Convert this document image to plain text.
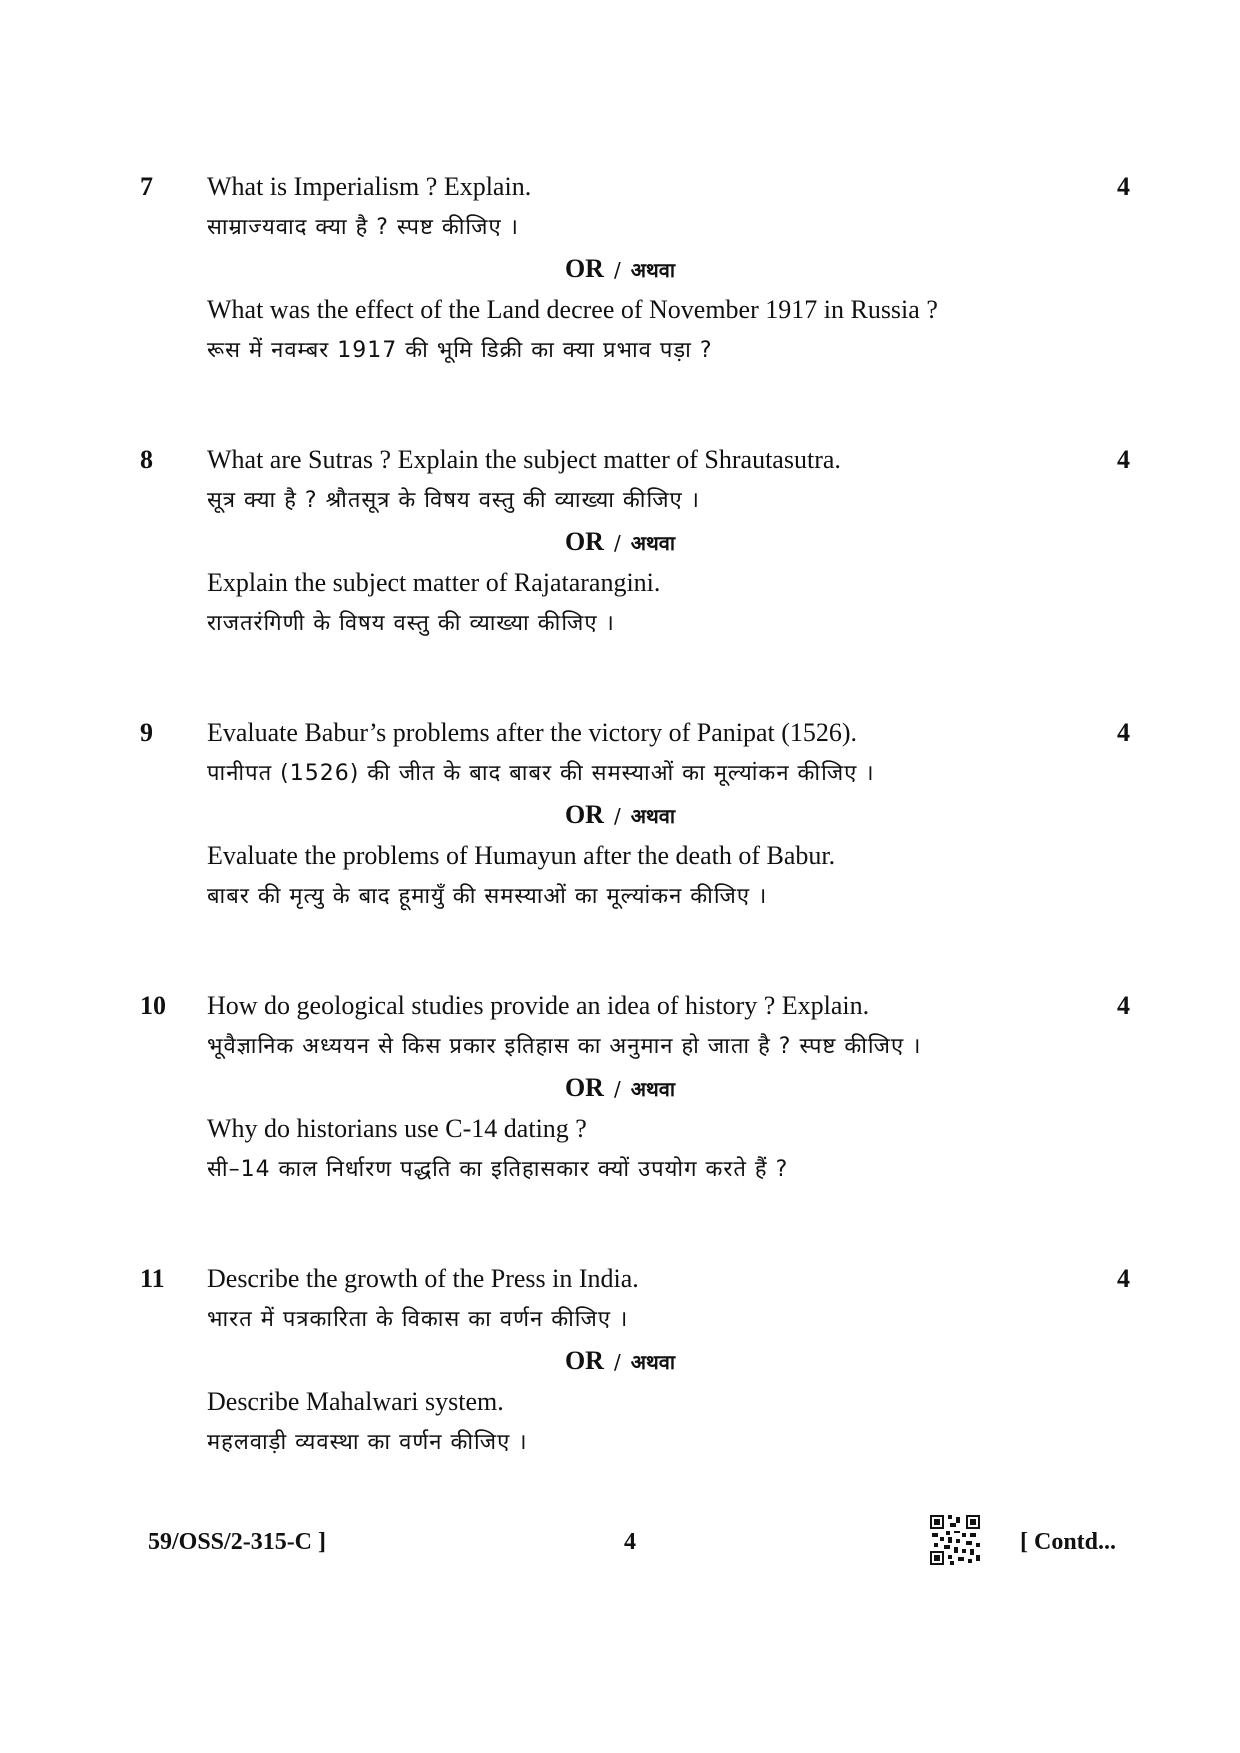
7	What is Imperialism ? Explain.	4
साम्राज्यवाद क्या है ? स्पष्ट कीजिए ।
OR / अथवा
What was the effect of the Land decree of November 1917 in Russia ?
रूस में नवम्बर 1917 की भूमि डिक्री का क्या प्रभाव पड़ा ?
8	What are Sutras ? Explain the subject matter of Shrautasutra.	4
सूत्र क्या है ? श्रौतसूत्र के विषय वस्तु की व्याख्या कीजिए ।
OR / अथवा
Explain the subject matter of Rajatarangini.
राजतरंगिणी के विषय वस्तु की व्याख्या कीजिए ।
9	Evaluate Babur’s problems after the victory of Panipat (1526).	4
पानीपत (1526) की जीत के बाद बाबर की समस्याओं का मूल्यांकन कीजिए ।
OR / अथवा
Evaluate the problems of Humayun after the death of Babur.
बाबर की मृत्यु के बाद हूमायुँ की समस्याओं का मूल्यांकन कीजिए ।
10	How do geological studies provide an idea of history ? Explain.	4
भूवैज्ञानिक अध्ययन से किस प्रकार इतिहास का अनुमान हो जाता है ? स्पष्ट कीजिए ।
OR / अथवा
Why do historians use C-14 dating ?
सी–14 काल निर्धारण पद्धति का इतिहासकार क्यों उपयोग करते हैं ?
11	Describe the growth of the Press in India.	4
भारत में पत्रकारिता के विकास का वर्णन कीजिए ।
OR / अथवा
Describe Mahalwari system.
महलवाड़ी व्यवस्था का वर्णन कीजिए ।
59/OSS/2-315-C ]	4	[ Contd...
